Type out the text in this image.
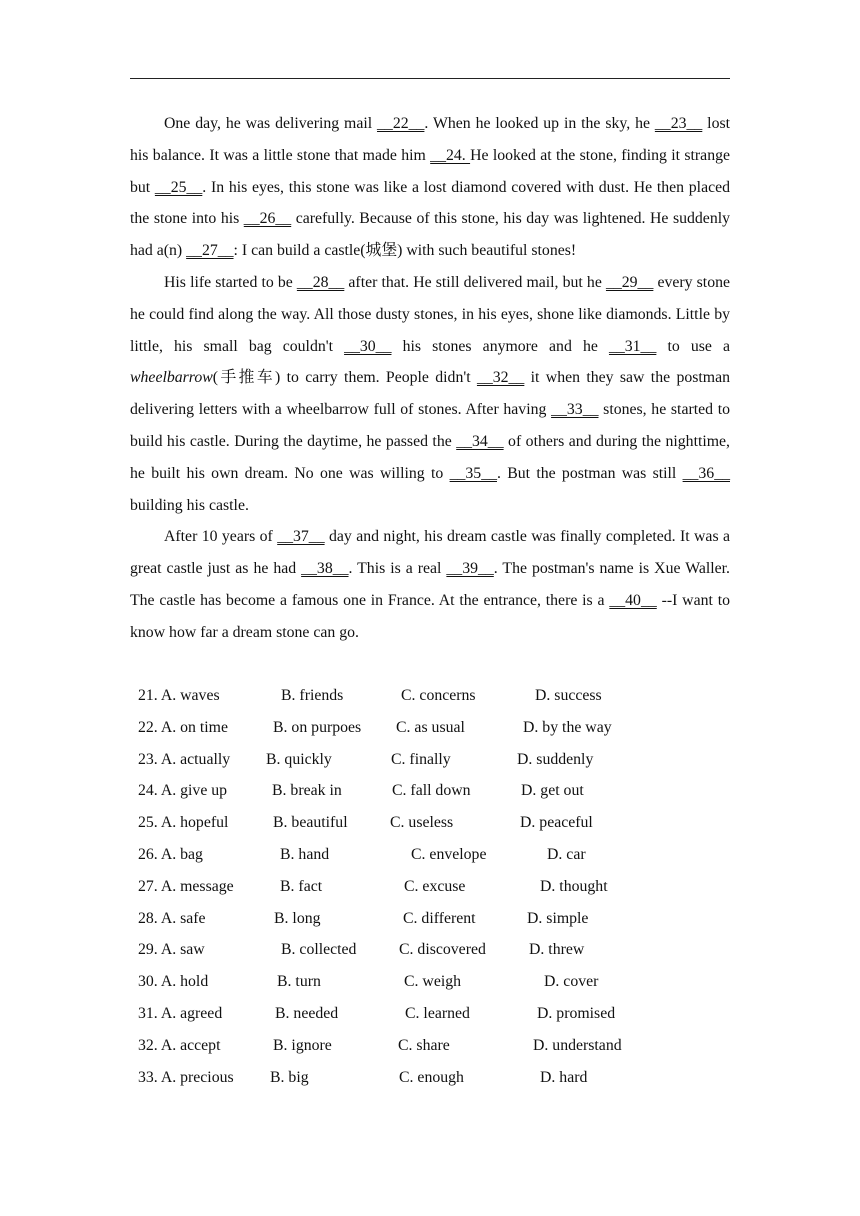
One day, he was delivering mail __22__. When he looked up in the sky, he __23__ lost his balance. It was a little stone that made him __24. He looked at the stone, finding it strange but __25__. In his eyes, this stone was like a lost diamond covered with dust. He then placed the stone into his __26__ carefully. Because of this stone, his day was lightened. He suddenly had a(n) __27__: I can build a castle(城堡) with such beautiful stones!

His life started to be __28__ after that. He still delivered mail, but he __29__ every stone he could find along the way. All those dusty stones, in his eyes, shone like diamonds. Little by little, his small bag couldn't __30__ his stones anymore and he __31__ to use a wheelbarrow(手推车) to carry them. People didn't __32__ it when they saw the postman delivering letters with a wheelbarrow full of stones. After having __33__ stones, he started to build his castle. During the daytime, he passed the __34__ of others and during the nighttime, he built his own dream. No one was willing to __35__. But the postman was still __36__ building his castle.

After 10 years of __37__ day and night, his dream castle was finally completed. It was a great castle just as he had __38__. This is a real __39__. The postman's name is Xue Waller. The castle has become a famous one in France. At the entrance, there is a __40__ --I want to know how far a dream stone can go.

21. A. waves	B. friends	C. concerns	D. success
22. A. on time	B. on purpoes C. as usual	D. by the way
23. A. actually B. quickly	C. finally	D. suddenly
24. A. give up	B. break in	C. fall down	D. get out
25. A. hopeful	B. beautiful	C. useless	D. peaceful
26. A. bag	B. hand	C. envelope	D. car
27. A. message	B. fact	C. excuse	D. thought
28. A. safe	B. long	C. different	D. simple
29. A. saw	B. collected	C. discovered	D. threw
30. A. hold	B. turn	C. weigh	D. cover
31. A. agreed	B. needed	C. learned	D. promised
32. A. accept	B. ignore	C. share	D. understand
33. A. precious B. big	C. enough	D. hard
